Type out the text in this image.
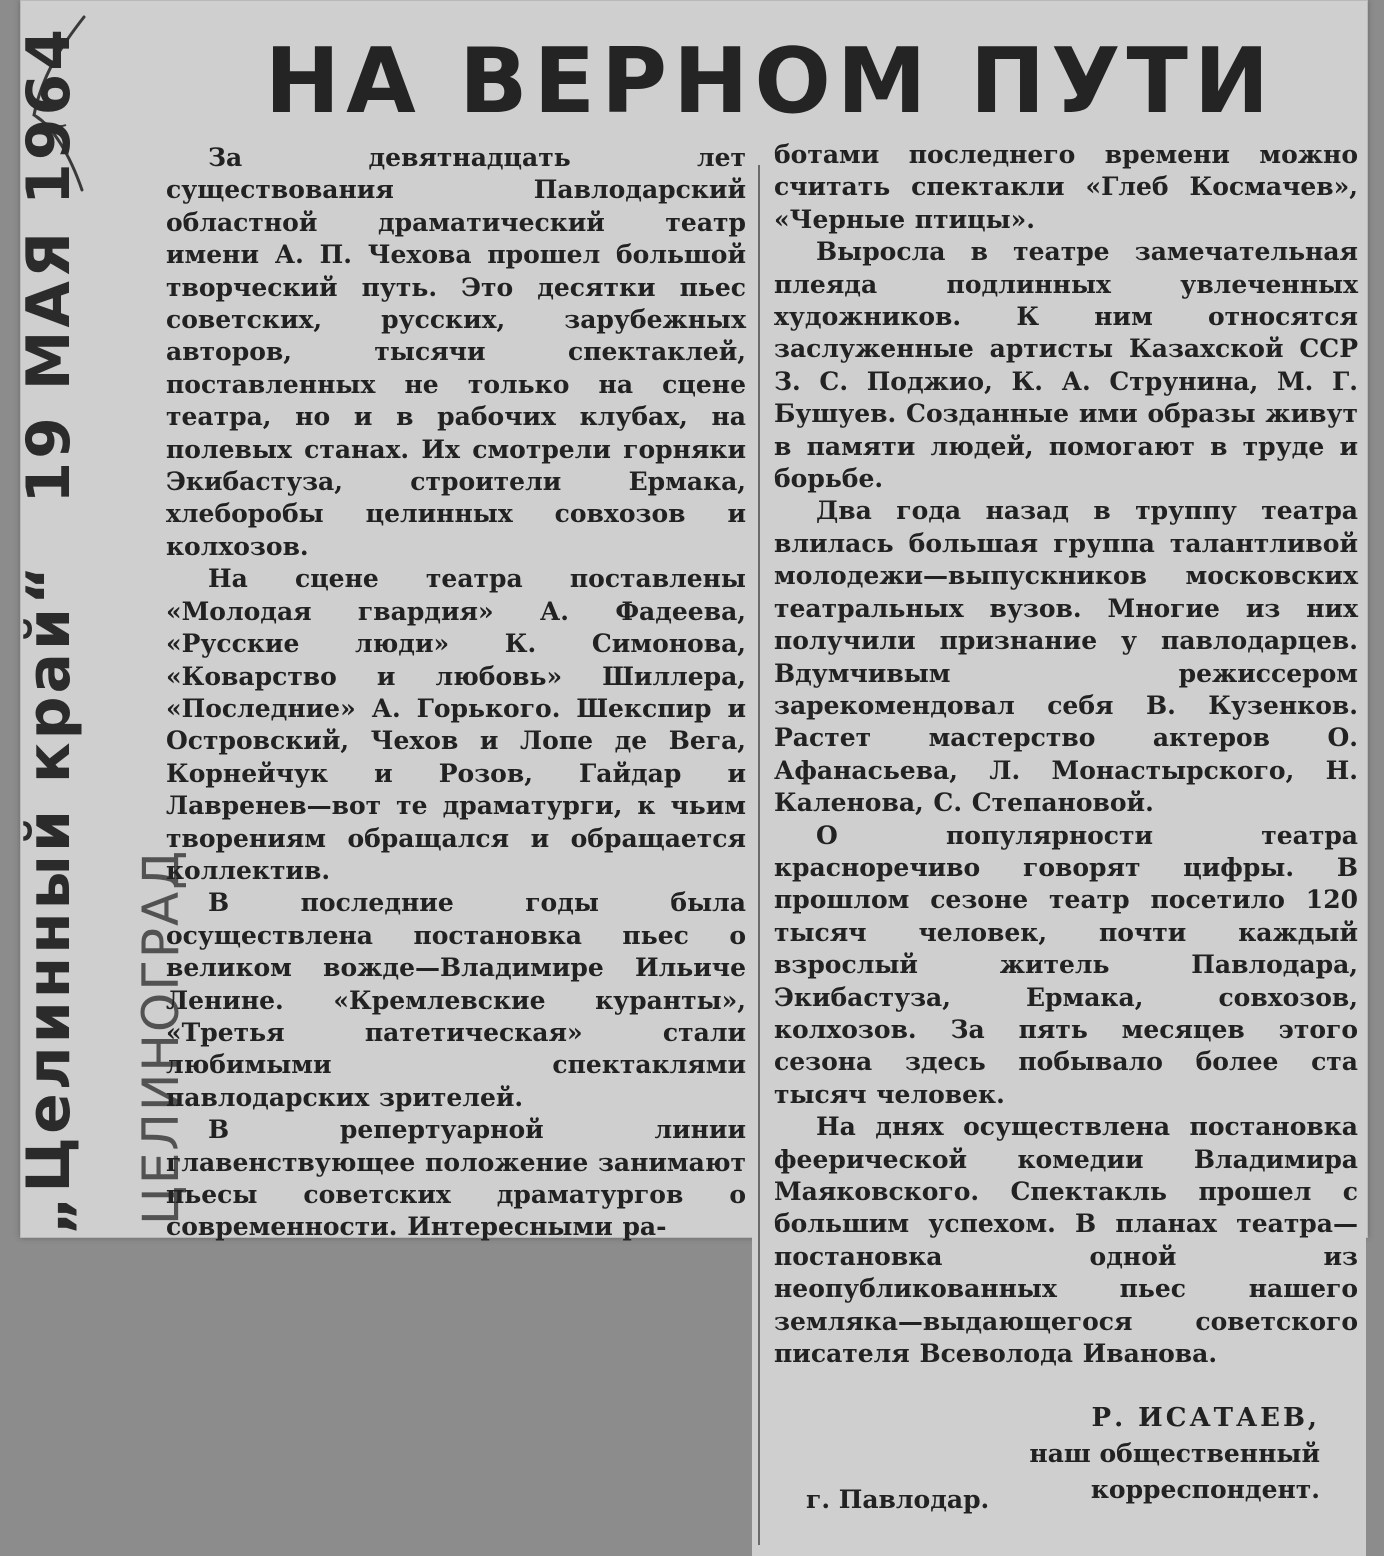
„Целинный край“ 19 МАЯ 1964
ЦЕЛИНОГРАД
НА ВЕРНОМ ПУТИ

За девятнадцать лет существования Павлодарский областной драматический театр имени А. П. Чехова прошел большой творческий путь. Это десятки пьес советских, русских, зарубежных авторов, тысячи спектаклей, поставленных не только на сцене театра, но и в рабочих клубах, на полевых станах. Их смотрели горняки Экибастуза, строители Ермака, хлеборобы целинных совхозов и колхозов.

На сцене театра поставлены «Молодая гвардия» А. Фадеева, «Русские люди» К. Симонова, «Коварство и любовь» Шиллера, «Последние» А. Горького. Шекспир и Островский, Чехов и Лопе де Вега, Корнейчук и Розов, Гайдар и Лавренев—вот те драматурги, к чьим творениям обращался и обращается коллектив.

В последние годы была осуществлена постановка пьес о великом вожде—Владимире Ильиче Ленине. «Кремлевские куранты», «Третья патетическая» стали любимыми спектаклями павлодарских зрителей.

В репертуарной линии главенствующее положение занимают пьесы советских драматургов о современности. Интересными ра-

ботами последнего времени можно считать спектакли «Глеб Космачев», «Черные птицы».

Выросла в театре замечательная плеяда подлинных увлеченных художников. К ним относятся заслуженные артисты Казахской ССР З. С. Поджио, К. А. Струнина, М. Г. Бушуев. Созданные ими образы живут в памяти людей, помогают в труде и борьбе.

Два года назад в труппу театра влилась большая группа талантливой молодежи—выпускников московских театральных вузов. Многие из них получили признание у павлодарцев. Вдумчивым режиссером зарекомендовал себя В. Кузенков. Растет мастерство актеров О. Афанасьева, Л. Монастырского, Н. Каленова, С. Степановой.

О популярности театра красноречиво говорят цифры. В прошлом сезоне театр посетило 120 тысяч человек, почти каждый взрослый житель Павлодара, Экибастуза, Ермака, совхозов, колхозов. За пять месяцев этого сезона здесь побывало более ста тысяч человек.

На днях осуществлена постановка феерической комедии Владимира Маяковского. Спектакль прошел с большим успехом. В планах театра—постановка одной из неопубликованных пьес нашего земляка—выдающегося советского писателя Всеволода Иванова.

Р. ИСАТАЕВ,
наш общественный
корреспондент.
г. Павлодар.
